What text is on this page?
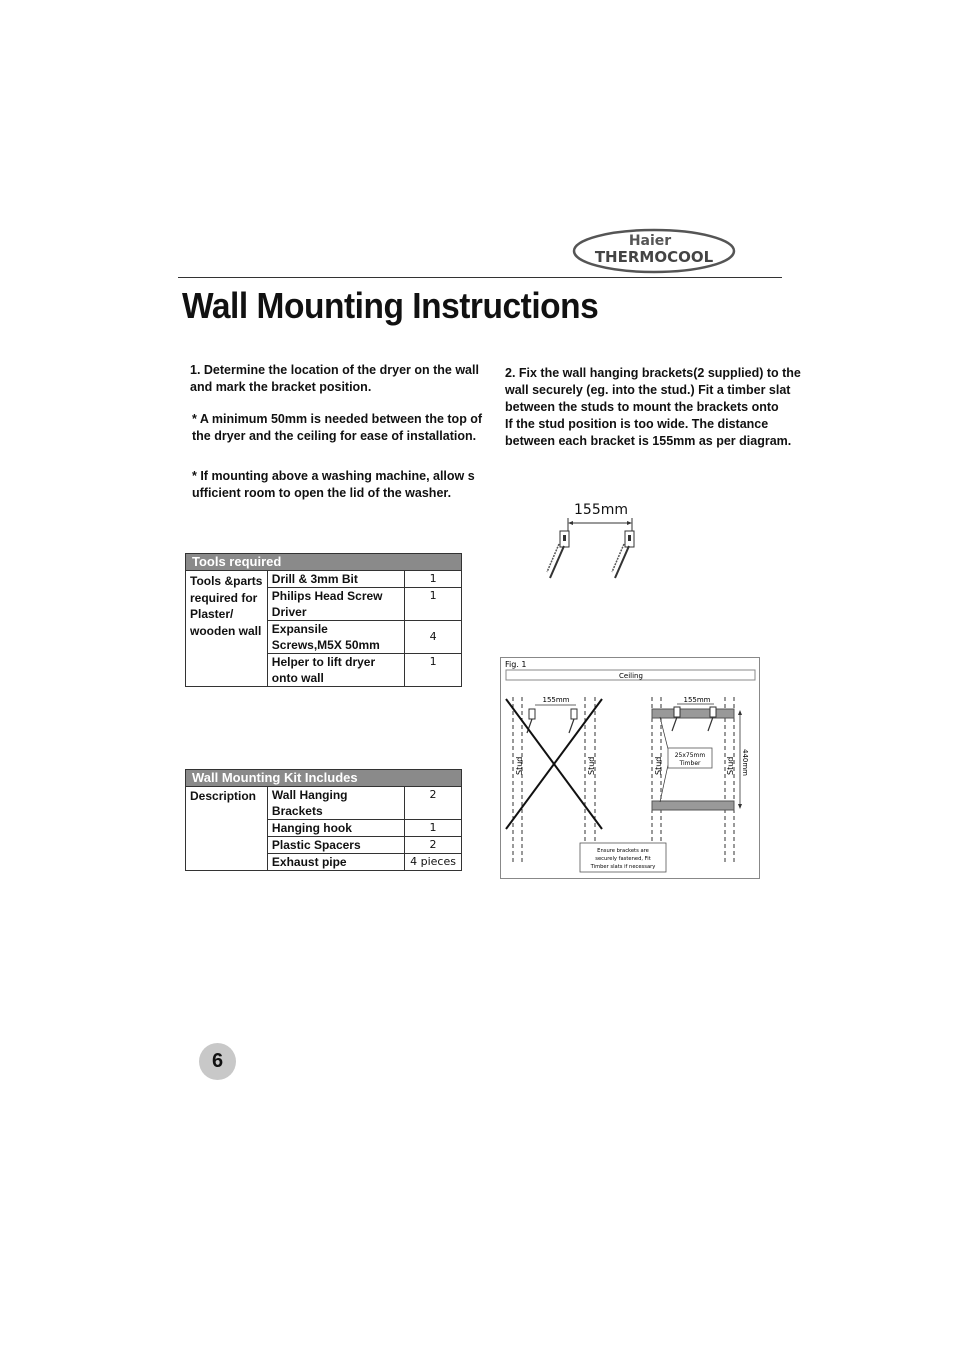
Haier
THERMOCOOL
Wall Mounting Instructions
1. Determine the location of the dryer on the wall
and mark the bracket position.
* A minimum 50mm is needed between the top of
the dryer and the ceiling for ease of installation.
* If mounting above a washing machine, allow s
ufficient room to open the lid of the washer.
2. Fix the wall hanging brackets(2 supplied) to the
wall securely (eg. into the stud.) Fit a timber slat
between the studs to mount the brackets onto
If the stud position is too wide. The distance
between each bracket is 155mm as per diagram.
Tools required		
Tools &parts required for Plaster/ wooden wall	Drill & 3mm Bit	1
	Philips Head Screw Driver	1
	Expansile Screws,M5X 50mm	4
	Helper to lift dryer onto wall	1
Wall Mounting Kit Includes		
Description	Wall Hanging Brackets	2
	Hanging hook	1
	Plastic Spacers	2
	Exhaust pipe	4 pieces
155mm
Fig. 1
Ceiling
155mm
Stud	Stud	Stud	Stud
155mm
25x75mm
Timber	440mm
Ensure brackets are
securely fastened, Fit
Timber slats if necessary
6
